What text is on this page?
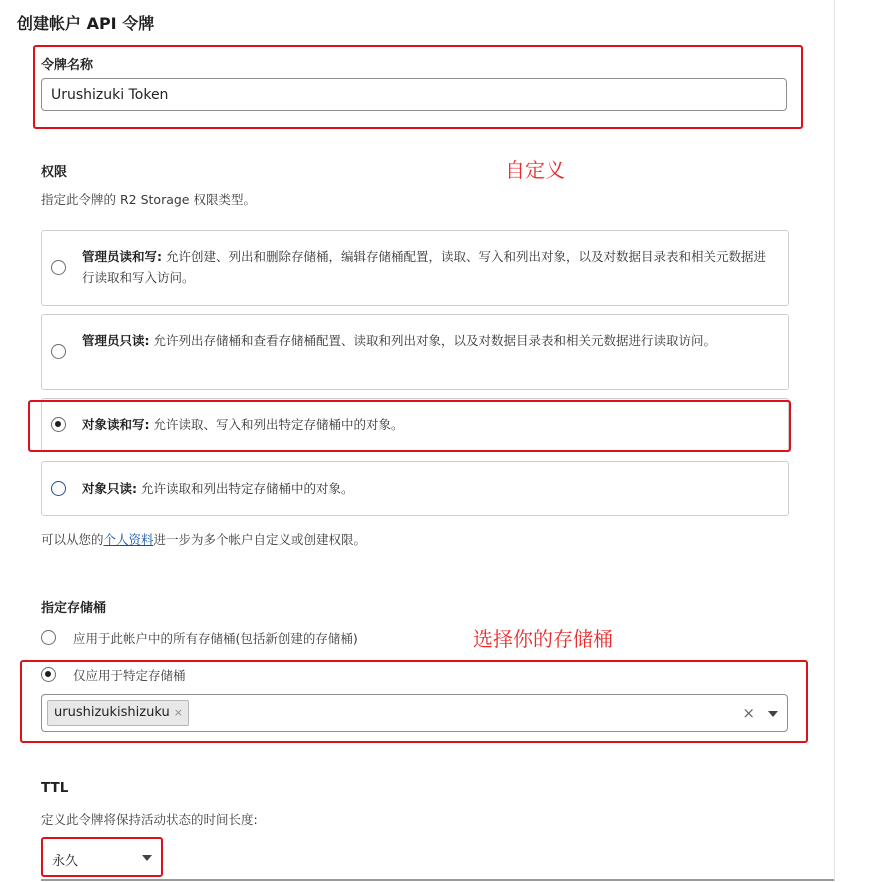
创建帐户 API 令牌
令牌名称
Urushizuki Token
权限
指定此令牌的 R2 Storage 权限类型。
管理员读和写: 允许创建、列出和删除存储桶，编辑存储桶配置，读取、写入和列出对象，以及对数据目录表和相关元数据进行读取和写入访问。
管理员只读: 允许列出存储桶和查看存储桶配置、读取和列出对象，以及对数据目录表和相关元数据进行读取访问。
对象读和写: 允许读取、写入和列出特定存储桶中的对象。
对象只读: 允许读取和列出特定存储桶中的对象。
可以从您的个人资料进一步为多个帐户自定义或创建权限。
指定存储桶
应用于此帐户中的所有存储桶(包括新创建的存储桶)
仅应用于特定存储桶
urushizukishizuku ×	×
TTL
定义此令牌将保持活动状态的时间长度:
永久
自定义
选择你的存储桶
